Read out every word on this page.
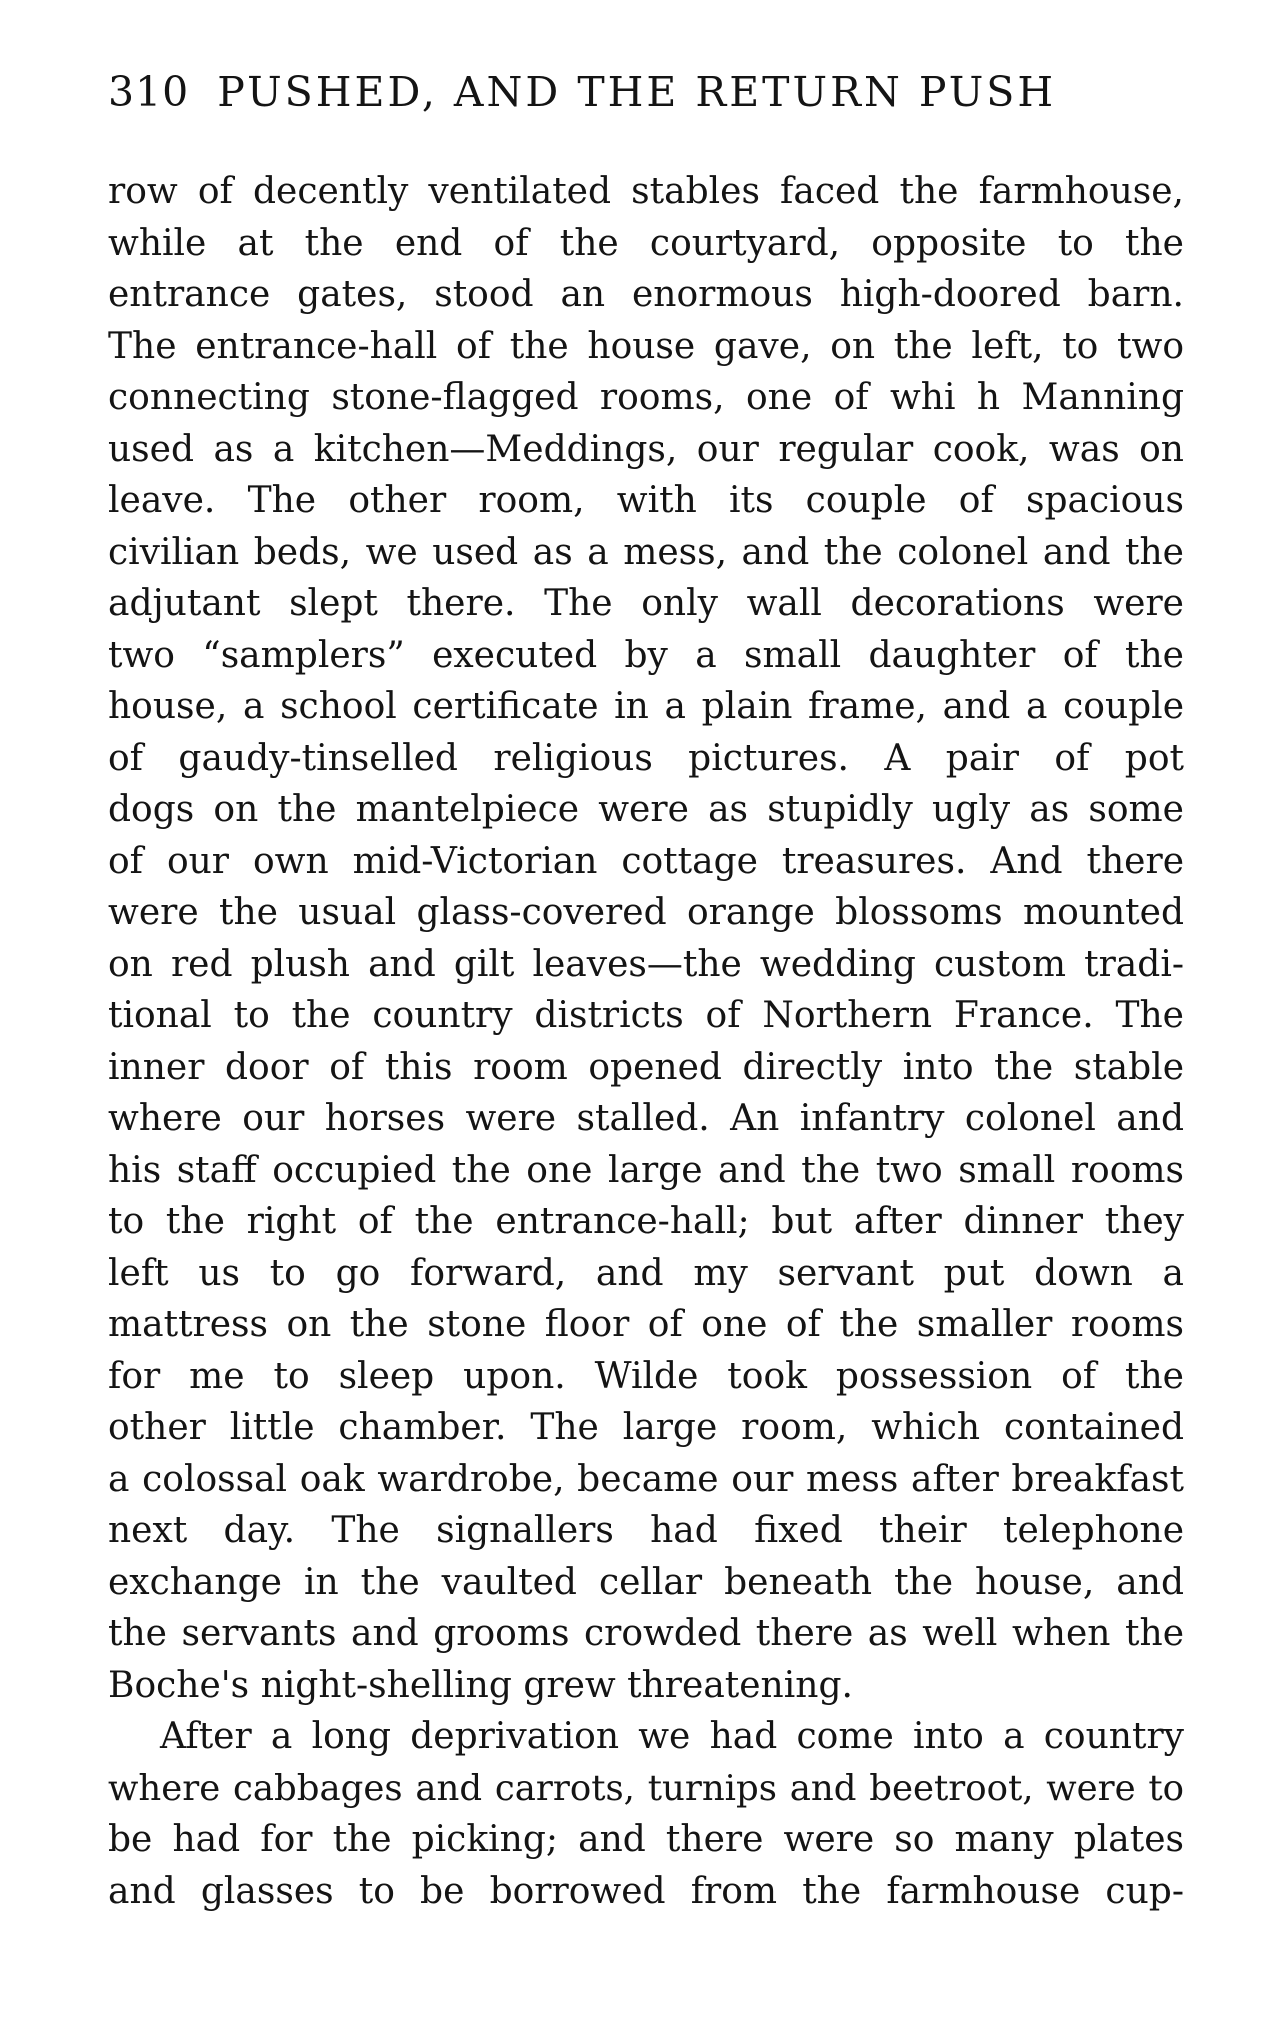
310 PUSHED, AND THE RETURN PUSH
row of decently ventilated stables faced the farmhouse,
while at the end of the courtyard, opposite to the
entrance gates, stood an enormous high-doored barn.
The entrance-hall of the house gave, on the left, to two
connecting stone-flagged rooms, one of whi h Manning
used as a kitchen—Meddings, our regular cook, was on
leave. The other room, with its couple of spacious
civilian beds, we used as a mess, and the colonel and the
adjutant slept there. The only wall decorations were
two “samplers” executed by a small daughter of the
house, a school certificate in a plain frame, and a couple
of gaudy-tinselled religious pictures. A pair of pot
dogs on the mantelpiece were as stupidly ugly as some
of our own mid-Victorian cottage treasures. And there
were the usual glass-covered orange blossoms mounted
on red plush and gilt leaves—the wedding custom tradi-
tional to the country districts of Northern France. The
inner door of this room opened directly into the stable
where our horses were stalled. An infantry colonel and
his staff occupied the one large and the two small rooms
to the right of the entrance-hall; but after dinner they
left us to go forward, and my servant put down a
mattress on the stone floor of one of the smaller rooms
for me to sleep upon. Wilde took possession of the
other little chamber. The large room, which contained
a colossal oak wardrobe, became our mess after breakfast
next day. The signallers had fixed their telephone
exchange in the vaulted cellar beneath the house, and
the servants and grooms crowded there as well when the
Boche's night-shelling grew threatening.
After a long deprivation we had come into a country
where cabbages and carrots, turnips and beetroot, were to
be had for the picking; and there were so many plates
and glasses to be borrowed from the farmhouse cup-
